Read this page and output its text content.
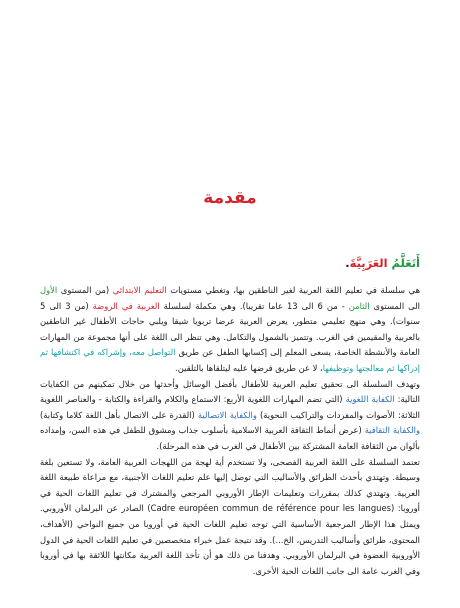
مقدمة
أَتَعَلَّمُ العَرَبِيَّةَ.

هي سلسلة في تعليم اللغة العربية لغير الناطقين بها، وتغطي مستويات التعليم الابتدائي (من المستوى الأول الى المستوى الثامن - من 6 الى 13 عاما تقريبا). وهي مكملة لسلسلة العربية في الروضة (من 3 الى 5 سنوات). وهي منهج تعليمي متطور، يعرض العربية عرضا تربويا شيقا ويلبي حاجات الأطفال غير الناطقين بالعربية والمقيمين في الغرب. وتتميز بالشمول والتكامل. وهي تنظر الى اللغة على أنها مجموعة من المهارات العامة والأنشطة الخاصة، يسعى المعلم إلى إكسابها الطفل عن طريق التواصل معه، وإشراكه في اكتشافها ثم إدراكها ثم معالجتها وتوظيفها، لا عن طريق فرضها عليه ليتلقاها بالتلقين.

وتهدف السلسلة الى تحقيق تعليم العربية للأطفال بأفضل الوسائل وأحدثها من خلال تمكينهم من الكفايات التالية: الكفاية اللغوية (التي تضم المهارات اللغوية الأربع: الاستماع والكلام والقراءة والكتابة - والعناصر اللغوية الثلاثة: الأصوات والمفردات والتراكيب النحوية) والكفاية الاتصالية (القدرة على الاتصال بأهل اللغة كلاما وكتابة) والكفاية الثقافية (عرض أنماط الثقافة العربية الاسلامية بأسلوب جذاب ومشوق للطفل في هذه السن، وإمداده بألوان من الثقافة العامة المشتركة بين الأطفال في الغرب في هذه المرحلة).

تعتمد السلسلة على اللغة العربية الفصحى، ولا تستخدم أية لهجة من اللهجات العربية العامة، ولا تستعين بلغة وسيطة. وتهتدي بأحدث الطرائق والأساليب التي توصل إليها علم تعليم اللغات الأجنبية، مع مراعاة طبيعة اللغة العربية. وتهتدي كذلك بمقررات وتعليمات الإطار الأوروبي المرجعي والمشترك في تعليم اللغات الحية في أوروبا: (Cadre européen commun de référence pour les langues) الصادر عن البرلمان الأوروبي. ويمثل هذا الإطار المرجعية الأساسية التي توجه تعليم اللغات الحية في أوروبا من جميع النواحي (الأهداف، المحتوى، طرائق وأساليب التدريس، الخ...). وقد نتيجة عمل خبراء متخصصين في تعليم اللغات الحية في الدول الأوروبية العضوة في البرلمان الأوروبي. وهدفنا من ذلك هو أن تأخذ اللغة العربية مكانتها اللائقة بها في أوروبا وفي الغرب عامة الى جانب اللغات الحية الأخرى.
